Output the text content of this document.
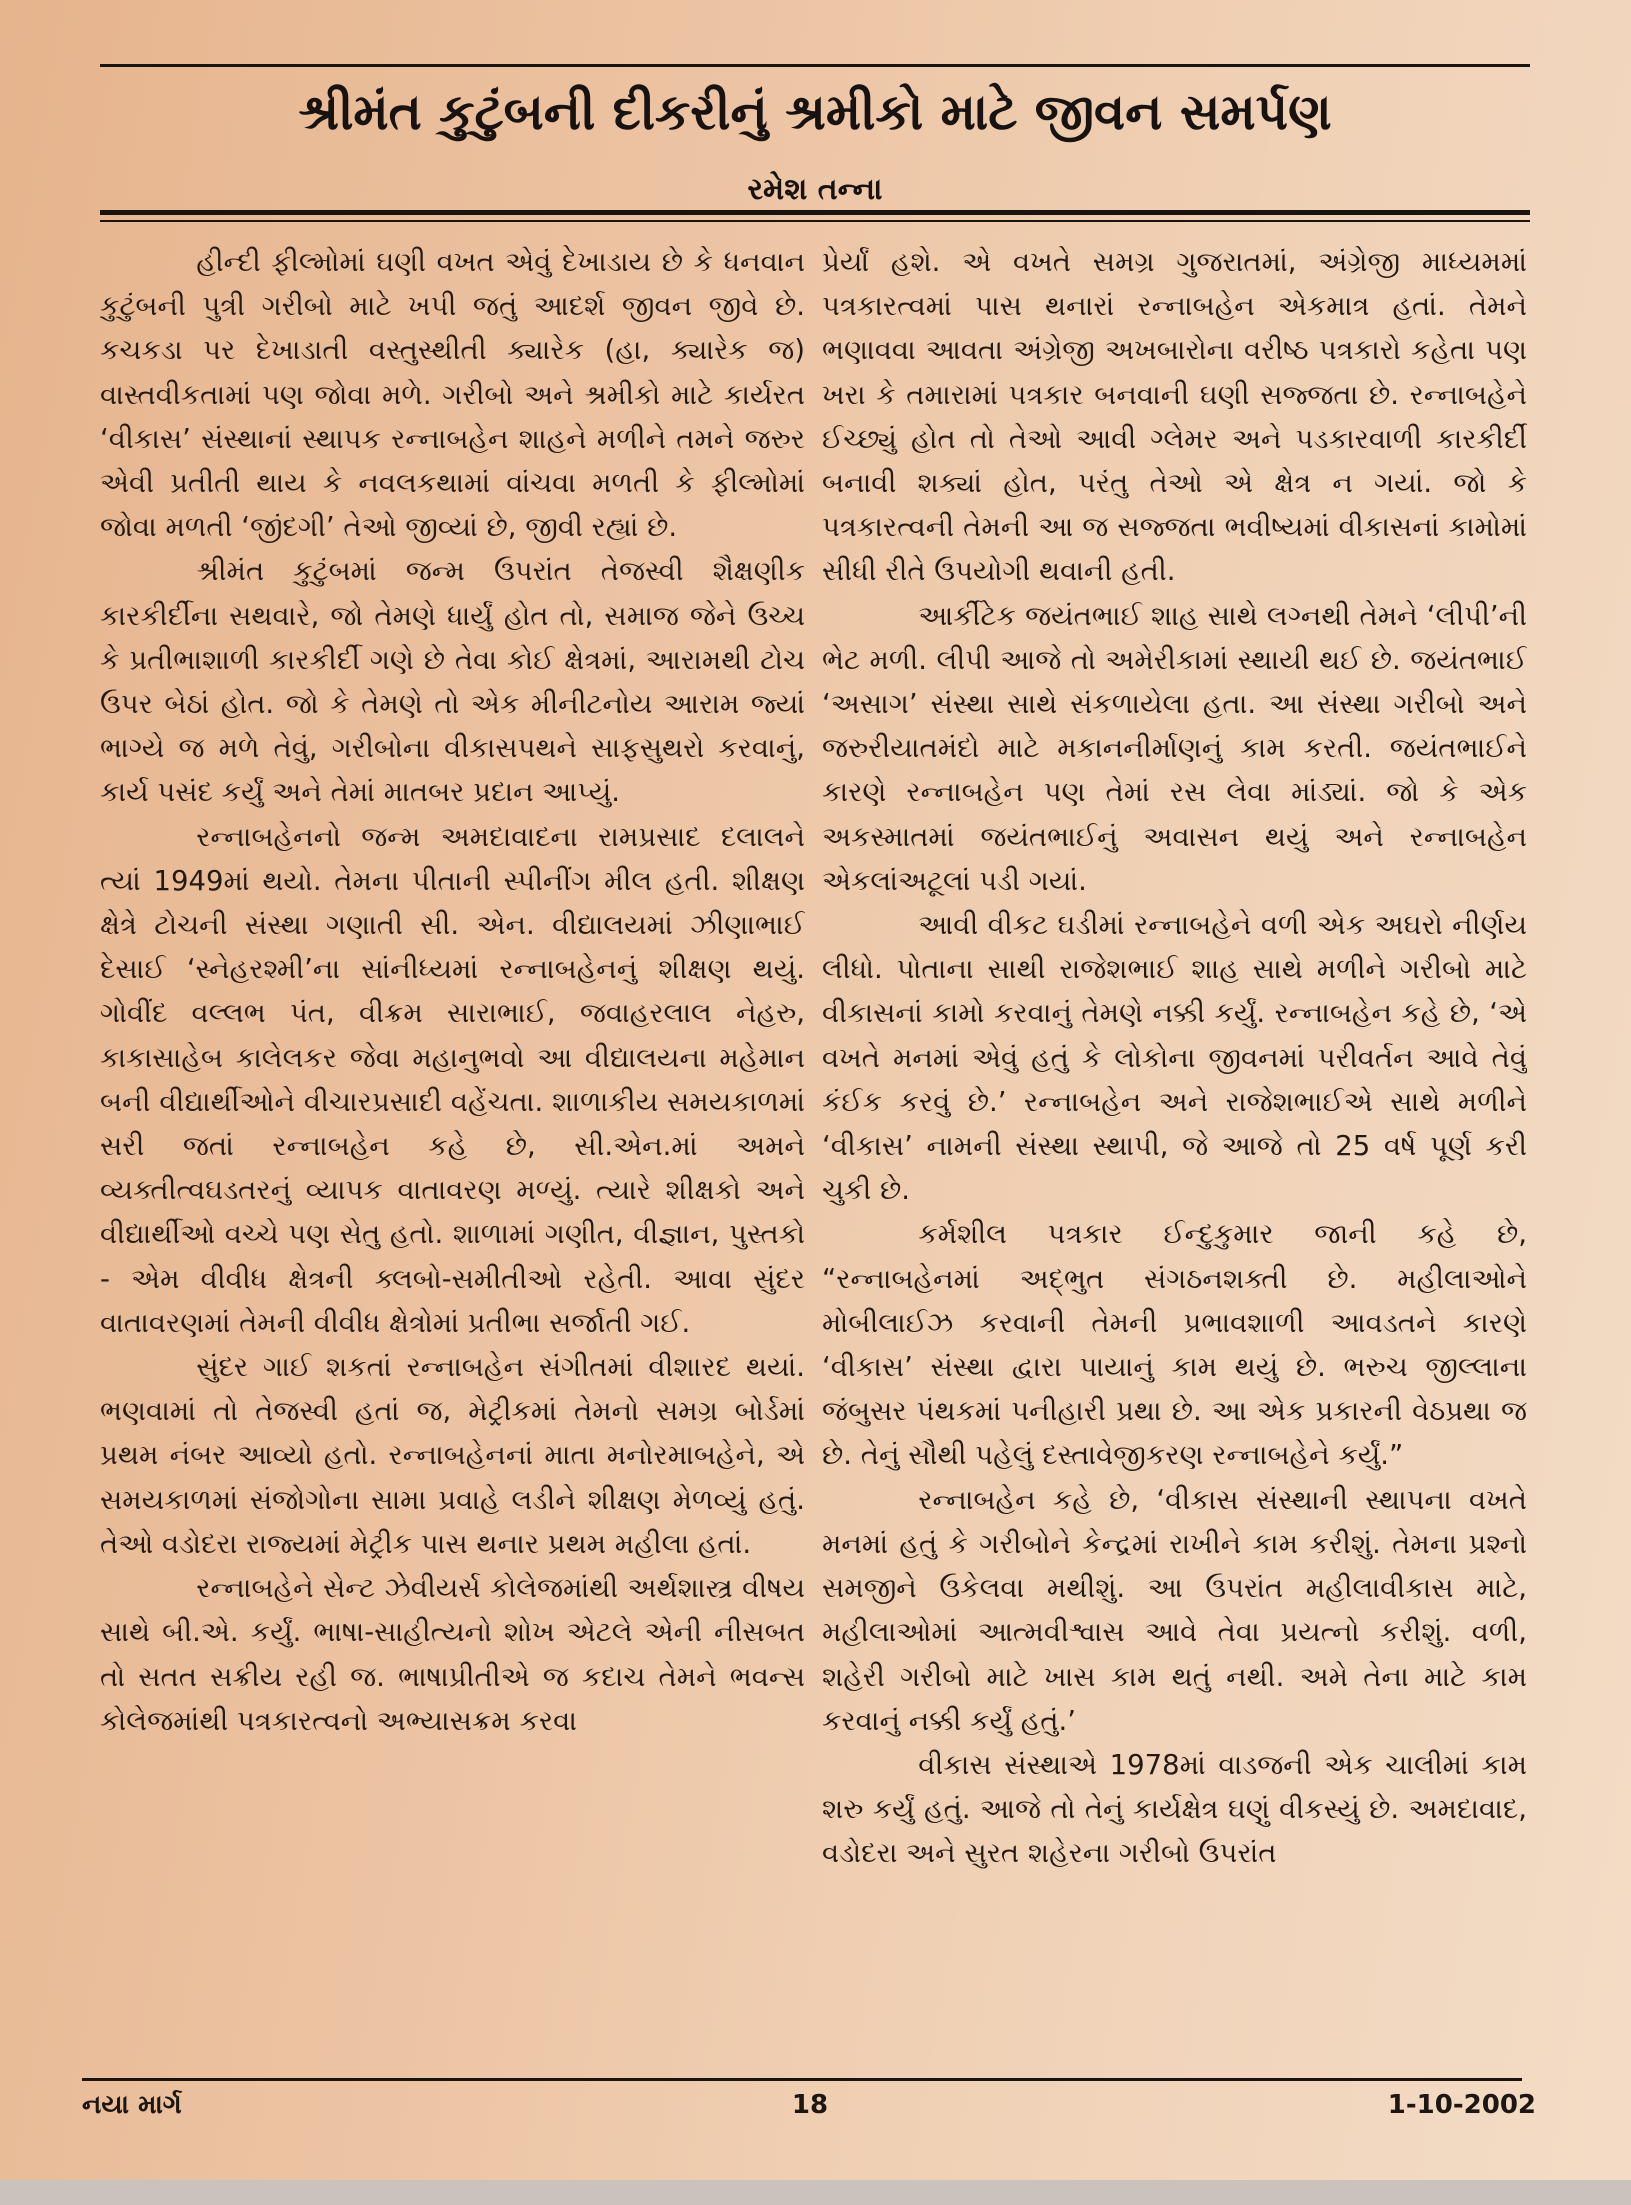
શ્રીમંત કુટુંબની દીકરીનું શ્રમીકો માટે જીવન સમર્પણ
રમેશ તન્ના

હીન્દી ફીલ્મોમાં ઘણી વખત એવું દેખાડાય છે કે ધનવાન કુટુંબની પુત્રી ગરીબો માટે ખપી જતું આદર્શ જીવન જીવે છે. કચકડા પર દેખાડાતી વસ્તુસ્થીતી ક્યારેક (હા, ક્યારેક જ) વાસ્તવીકતામાં પણ જોવા મળે. ગરીબો અને શ્રમીકો માટે કાર્યરત ‘વીકાસ’ સંસ્થાનાં સ્થાપક રન્નાબહેન શાહને મળીને તમને જરુર એવી પ્રતીતી થાય કે નવલકથામાં વાંચવા મળતી કે ફીલ્મોમાં જોવા મળતી ‘જીંદગી’ તેઓ જીવ્યાં છે, જીવી રહ્યાં છે.

શ્રીમંત કુટુંબમાં જન્મ ઉપરાંત તેજસ્વી શૈક્ષણીક કારકીર્દીના સથવારે, જો તેમણે ધાર્યું હોત તો, સમાજ જેને ઉચ્ચ કે પ્રતીભાશાળી કારકીર્દી ગણે છે તેવા કોઈ ક્ષેત્રમાં, આરામથી ટોચ ઉપર બેઠાં હોત. જો કે તેમણે તો એક મીનીટનોય આરામ જ્યાં ભાગ્યે જ મળે તેવું, ગરીબોના વીકાસપથને સાફસુથરો કરવાનું, કાર્ય પસંદ કર્યું અને તેમાં માતબર પ્રદાન આપ્યું.

રન્નાબહેનનો જન્મ અમદાવાદના રામપ્રસાદ દલાલને ત્યાં 1949માં થયો. તેમના પીતાની સ્પીનીંગ મીલ હતી. શીક્ષણ ક્ષેત્રે ટોચની સંસ્થા ગણાતી સી. એન. વીદ્યાલયમાં ઝીણાભાઈ દેસાઈ ‘સ્નેહરશ્મી’ના સાંનીધ્યમાં રન્નાબહેનનું શીક્ષણ થયું. ગોવીંદ વલ્લભ પંત, વીક્રમ સારાભાઈ, જવાહરલાલ નેહરુ, કાકાસાહેબ કાલેલકર જેવા મહાનુભવો આ વીદ્યાલયના મહેમાન બની વીદ્યાર્થીઓને વીચારપ્રસાદી વહેંચતા. શાળાકીય સમયકાળમાં સરી જતાં રન્નાબહેન કહે છે, સી.એન.માં અમને વ્યક્તીત્વઘડતરનું વ્યાપક વાતાવરણ મળ્યું. ત્યારે શીક્ષકો અને વીદ્યાર્થીઓ વચ્ચે પણ સેતુ હતો. શાળામાં ગણીત, વીજ્ઞાન, પુસ્તકો - એમ વીવીધ ક્ષેત્રની ક્લબો-સમીતીઓ રહેતી. આવા સુંદર વાતાવરણમાં તેમની વીવીધ ક્ષેત્રોમાં પ્રતીભા સર્જાતી ગઈ.

સુંદર ગાઈ શકતાં રન્નાબહેન સંગીતમાં વીશારદ થયાં. ભણવામાં તો તેજસ્વી હતાં જ, મેટ્રીકમાં તેમનો સમગ્ર બોર્ડમાં પ્રથમ નંબર આવ્યો હતો. રન્નાબહેનનાં માતા મનોરમાબહેને, એ સમયકાળમાં સંજોગોના સામા પ્રવાહે લડીને શીક્ષણ મેળવ્યું હતું. તેઓ વડોદરા રાજ્યમાં મેટ્રીક પાસ થનાર પ્રથમ મહીલા હતાં.

રન્નાબહેને સેન્ટ ઝેવીયર્સ કોલેજમાંથી અર્થશાસ્ત્ર વીષય સાથે બી.એ. કર્યું. ભાષા-સાહીત્યનો શોખ એટલે એની નીસબત તો સતત સક્રીય રહી જ. ભાષાપ્રીતીએ જ કદાચ તેમને ભવન્સ કોલેજમાંથી પત્રકારત્વનો અભ્યાસક્રમ કરવા

પ્રેર્યાં હશે. એ વખતે સમગ્ર ગુજરાતમાં, અંગ્રેજી માધ્યમમાં પત્રકારત્વમાં પાસ થનારાં રન્નાબહેન એકમાત્ર હતાં. તેમને ભણાવવા આવતા અંગ્રેજી અખબારોના વરીષ્ઠ પત્રકારો કહેતા પણ ખરા કે તમારામાં પત્રકાર બનવાની ઘણી સજ્જતા છે. રન્નાબહેને ઈચ્છ્યું હોત તો તેઓ આવી ગ્લેમર અને પડકારવાળી કારકીર્દી બનાવી શક્યાં હોત, પરંતુ તેઓ એ ક્ષેત્ર ન ગયાં. જો કે પત્રકારત્વની તેમની આ જ સજ્જતા ભવીષ્યમાં વીકાસનાં કામોમાં સીધી રીતે ઉપયોગી થવાની હતી.

આર્કીટેક જયંતભાઈ શાહ સાથે લગ્નથી તેમને ‘લીપી’ની ભેટ મળી. લીપી આજે તો અમેરીકામાં સ્થાયી થઈ છે. જયંતભાઈ ‘અસાગ’ સંસ્થા સાથે સંકળાયેલા હતા. આ સંસ્થા ગરીબો અને જરુરીયાતમંદો માટે મકાનનીર્માણનું કામ કરતી. જયંતભાઈને કારણે રન્નાબહેન પણ તેમાં રસ લેવા માંડ્યાં. જો કે એક અકસ્માતમાં જયંતભાઈનું અવાસન થયું અને રન્નાબહેન એકલાંઅટૂલાં પડી ગયાં.

આવી વીકટ ઘડીમાં રન્નાબહેને વળી એક અઘરો નીર્ણય લીધો. પોતાના સાથી રાજેશભાઈ શાહ સાથે મળીને ગરીબો માટે વીકાસનાં કામો કરવાનું તેમણે નક્કી કર્યું. રન્નાબહેન કહે છે, ‘એ વખતે મનમાં એવું હતું કે લોકોના જીવનમાં પરીવર્તન આવે તેવું કંઈક કરવું છે.’ રન્નાબહેન અને રાજેશભાઈએ સાથે મળીને ‘વીકાસ’ નામની સંસ્થા સ્થાપી, જે આજે તો 25 વર્ષ પૂર્ણ કરી ચુકી છે.

કર્મશીલ પત્રકાર ઈન્દુકુમાર જાની કહે છે, “રન્નાબહેનમાં અદ્ભુત સંગઠનશક્તી છે. મહીલાઓને મોબીલાઈઝ કરવાની તેમની પ્રભાવશાળી આવડતને કારણે ‘વીકાસ’ સંસ્થા દ્વારા પાયાનું કામ થયું છે. ભરુચ જીલ્લાના જંબુસર પંથકમાં પનીહારી પ્રથા છે. આ એક પ્રકારની વેઠપ્રથા જ છે. તેનું સૌથી પહેલું દસ્તાવેજીકરણ રન્નાબહેને કર્યું.”

રન્નાબહેન કહે છે, ‘વીકાસ સંસ્થાની સ્થાપના વખતે મનમાં હતું કે ગરીબોને કેન્દ્રમાં રાખીને કામ કરીશું. તેમના પ્રશ્નો સમજીને ઉકેલવા મથીશું. આ ઉપરાંત મહીલાવીકાસ માટે, મહીલાઓમાં આત્મવીશ્વાસ આવે તેવા પ્રયત્નો કરીશું. વળી, શહેરી ગરીબો માટે ખાસ કામ થતું નથી. અમે તેના માટે કામ કરવાનું નક્કી કર્યું હતું.’

વીકાસ સંસ્થાએ 1978માં વાડજની એક ચાલીમાં કામ શરુ કર્યું હતું. આજે તો તેનું કાર્યક્ષેત્ર ઘણું વીકસ્યું છે. અમદાવાદ, વડોદરા અને સુરત શહેરના ગરીબો ઉપરાંત

નયા માર્ગ	18	1-10-2002
